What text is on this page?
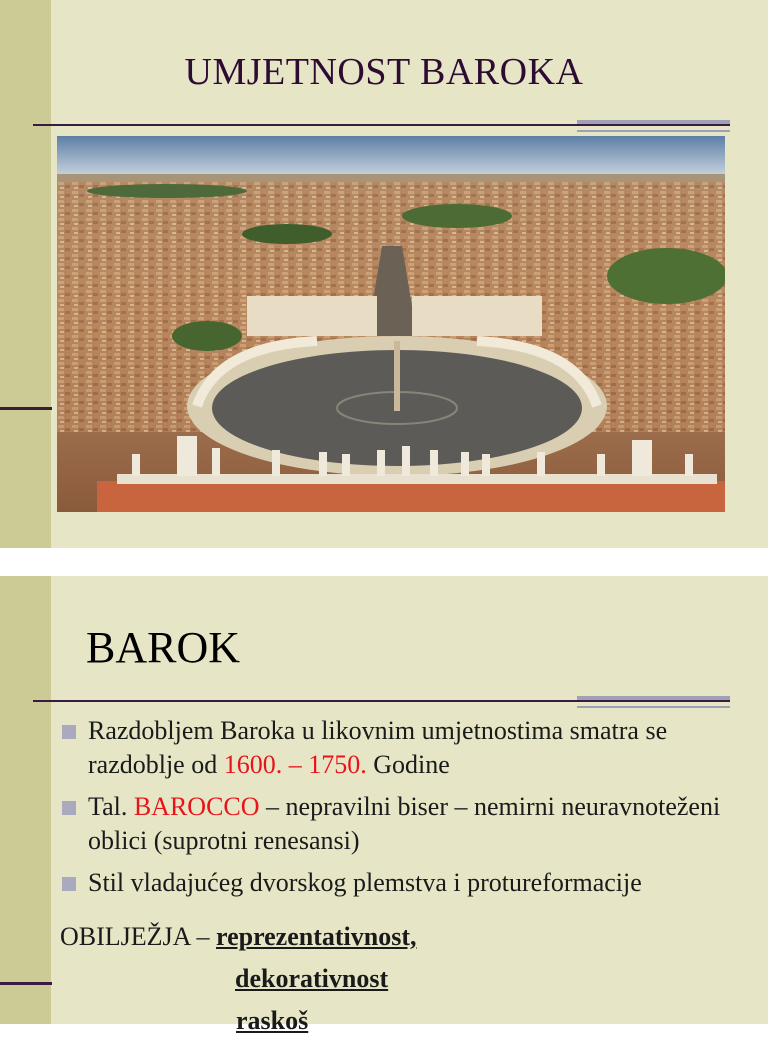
UMJETNOST BAROKA
BAROK
Razdobljem Baroka u likovnim umjetnostima smatra se razdoblje od 1600. – 1750. Godine
Tal. BAROCCO – nepravilni biser – nemirni neuravnoteženi oblici (suprotni renesansi)
Stil vladajućeg dvorskog plemstva i protureformacije
OBILJEŽJA – reprezentativnost,
dekorativnost
raskoš
